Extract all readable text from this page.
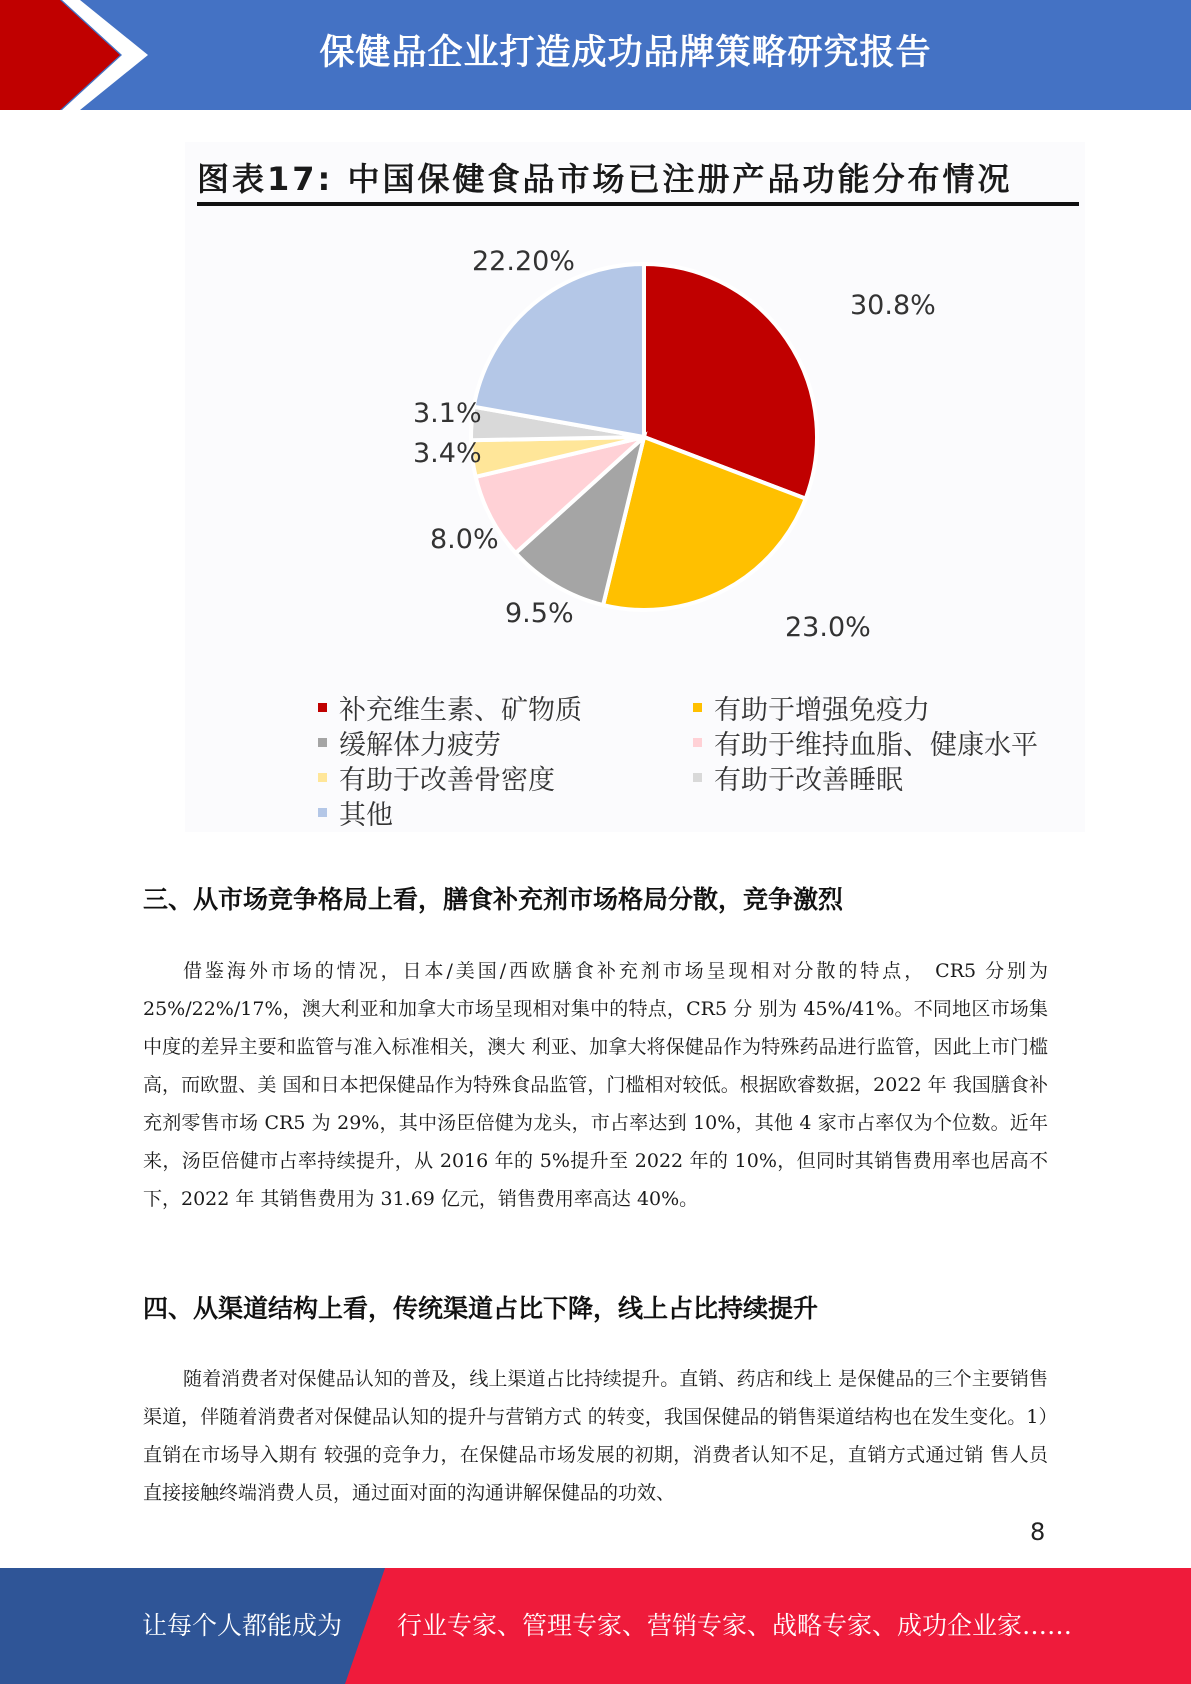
保健品企业打造成功品牌策略研究报告
图表17: 中国保健食品市场已注册产品功能分布情况
30.8%
23.0%
9.5%
8.0%
3.4%
3.1%
22.20%
补充维生素、矿物质	有助于增强免疫力
缓解体力疲劳	有助于维持血脂、健康水平
有助于改善骨密度	有助于改善睡眠
其他
三、从市场竞争格局上看，膳食补充剂市场格局分散，竞争激烈
借鉴海外市场的情况，日本/美国/西欧膳食补充剂市场呈现相对分散的特点， CR5 分别为 25%/22%/17%，澳大利亚和加拿大市场呈现相对集中的特点，CR5 分 别为 45%/41%。不同地区市场集中度的差异主要和监管与准入标准相关，澳大 利亚、加拿大将保健品作为特殊药品进行监管，因此上市门槛高，而欧盟、美 国和日本把保健品作为特殊食品监管，门槛相对较低。根据欧睿数据，2022 年 我国膳食补充剂零售市场 CR5 为 29%，其中汤臣倍健为龙头，市占率达到 10%，其他 4 家市占率仅为个位数。近年来，汤臣倍健市占率持续提升，从 2016 年的 5%提升至 2022 年的 10%，但同时其销售费用率也居高不下，2022 年 其销售费用为 31.69 亿元，销售费用率高达 40%。
四、从渠道结构上看，传统渠道占比下降，线上占比持续提升
随着消费者对保健品认知的普及，线上渠道占比持续提升。直销、药店和线上 是保健品的三个主要销售渠道，伴随着消费者对保健品认知的提升与营销方式 的转变，我国保健品的销售渠道结构也在发生变化。1）直销在市场导入期有 较强的竞争力，在保健品市场发展的初期，消费者认知不足，直销方式通过销 售人员直接接触终端消费人员，通过面对面的沟通讲解保健品的功效、
8
让每个人都能成为 行业专家、管理专家、营销专家、战略专家、成功企业家……
